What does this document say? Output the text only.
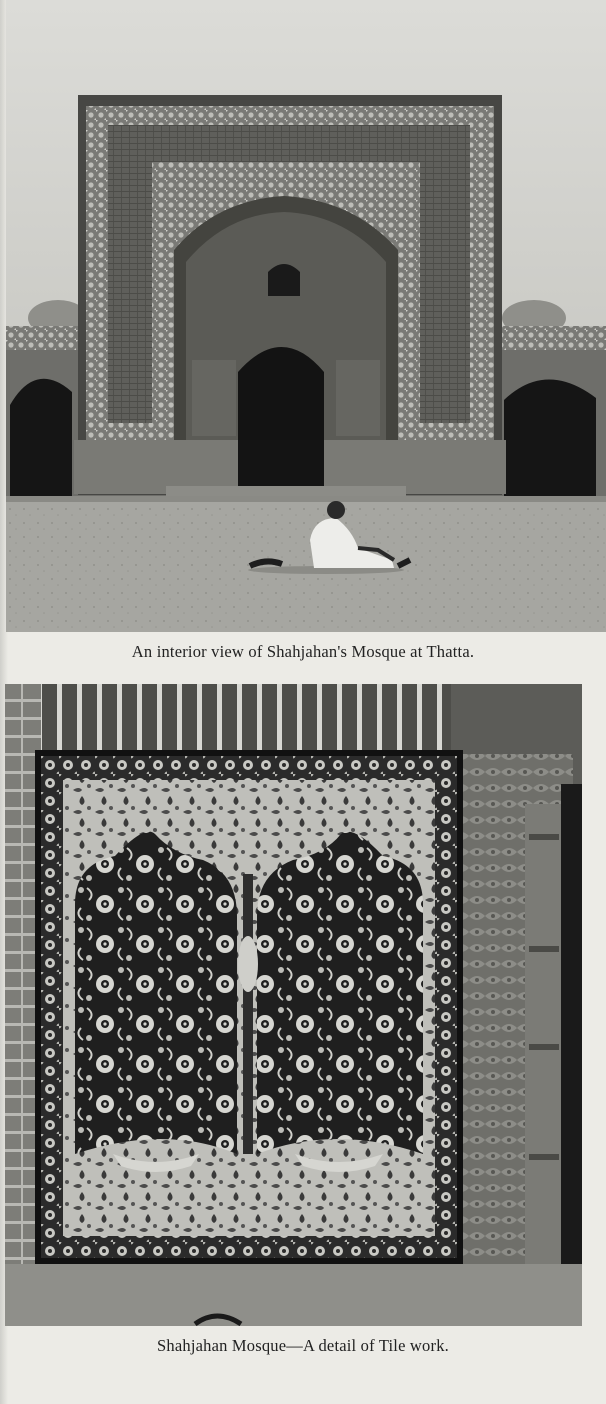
An interior view of Shahjahan's Mosque at Thatta.
Shahjahan Mosque—A detail of Tile work.
